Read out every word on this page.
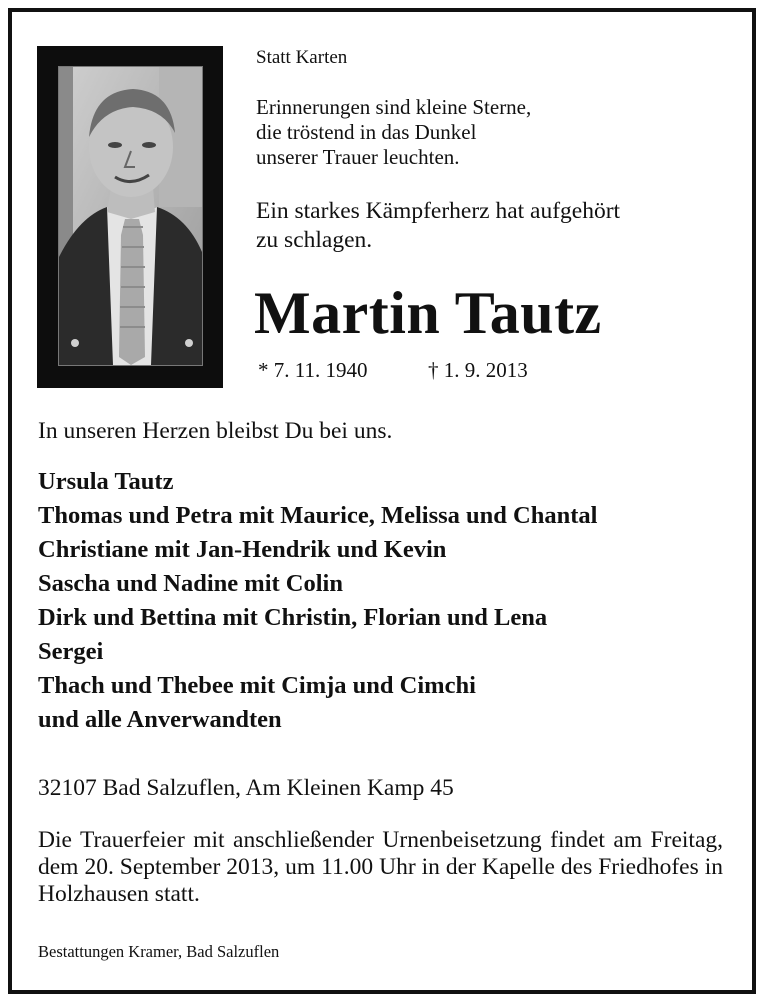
Statt Karten
Erinnerungen sind kleine Sterne,
die tröstend in das Dunkel
unserer Trauer leuchten.
Ein starkes Kämpferherz hat aufgehört
zu schlagen.
Martin Tautz
* 7. 11. 1940	† 1. 9. 2013
In unseren Herzen bleibst Du bei uns.
Ursula Tautz
Thomas und Petra mit Maurice, Melissa und Chantal
Christiane mit Jan-Hendrik und Kevin
Sascha und Nadine mit Colin
Dirk und Bettina mit Christin, Florian und Lena
Sergei
Thach und Thebee mit Cimja und Cimchi
und alle Anverwandten
32107 Bad Salzuflen, Am Kleinen Kamp 45
Die Trauerfeier mit anschließender Urnenbeisetzung findet am Freitag, dem 20. September 2013, um 11.00 Uhr in der Kapelle des Friedhofes in Holzhausen statt.
Bestattungen Kramer, Bad Salzuflen
